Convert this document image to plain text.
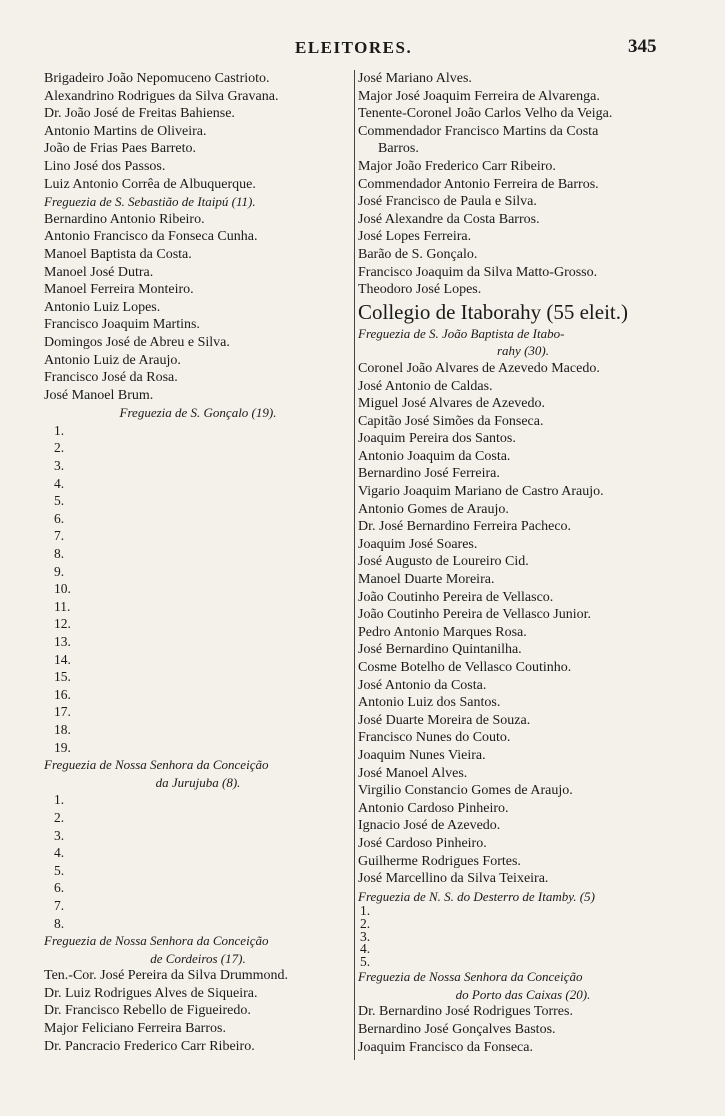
ELEITORES.	345
Brigadeiro João Nepomuceno Castrioto.
Alexandrino Rodrigues da Silva Gravana.
Dr. João José de Freitas Bahiense.
Antonio Martins de Oliveira.
João de Frias Paes Barreto.
Lino José dos Passos.
Luiz Antonio Corrêa de Albuquerque.
Freguezia de S. Sebastião de Itaipú (11).
Bernardino Antonio Ribeiro.
Antonio Francisco da Fonseca Cunha.
Manoel Baptista da Costa.
Manoel José Dutra.
Manoel Ferreira Monteiro.
Antonio Luiz Lopes.
Francisco Joaquim Martins.
Domingos José de Abreu e Silva.
Antonio Luiz de Araujo.
Francisco José da Rosa.
José Manoel Brum.
Freguezia de S. Gonçalo (19).
1.
2.
3.
4.
5.
6.
7.
8.
9.
10.
11.
12.
13.
14.
15.
16.
17.
18.
19.
Freguezia de Nossa Senhora da Conceição
da Jurujuba (8).
1.
2.
3.
4.
5.
6.
7.
8.
Freguezia de Nossa Senhora da Conceição
de Cordeiros (17).
Ten.-Cor. José Pereira da Silva Drummond.
Dr. Luiz Rodrigues Alves de Siqueira.
Dr. Francisco Rebello de Figueiredo.
Major Feliciano Ferreira Barros.
Dr. Pancracio Frederico Carr Ribeiro.
José Mariano Alves.
Major José Joaquim Ferreira de Alvarenga.
Tenente-Coronel João Carlos Velho da Veiga.
Commendador Francisco Martins da Costa
Barros.
Major João Frederico Carr Ribeiro.
Commendador Antonio Ferreira de Barros.
José Francisco de Paula e Silva.
José Alexandre da Costa Barros.
José Lopes Ferreira.
Barão de S. Gonçalo.
Francisco Joaquim da Silva Matto-Grosso.
Theodoro José Lopes.
Collegio de Itaborahy (55 eleit.)
Freguezia de S. João Baptista de Itabo-
rahy (30).
Coronel João Alvares de Azevedo Macedo.
José Antonio de Caldas.
Miguel José Alvares de Azevedo.
Capitão José Simões da Fonseca.
Joaquim Pereira dos Santos.
Antonio Joaquim da Costa.
Bernardino José Ferreira.
Vigario Joaquim Mariano de Castro Araujo.
Antonio Gomes de Araujo.
Dr. José Bernardino Ferreira Pacheco.
Joaquim José Soares.
José Augusto de Loureiro Cid.
Manoel Duarte Moreira.
João Coutinho Pereira de Vellasco.
João Coutinho Pereira de Vellasco Junior.
Pedro Antonio Marques Rosa.
José Bernardino Quintanilha.
Cosme Botelho de Vellasco Coutinho.
José Antonio da Costa.
Antonio Luiz dos Santos.
José Duarte Moreira de Souza.
Francisco Nunes do Couto.
Joaquim Nunes Vieira.
José Manoel Alves.
Virgilio Constancio Gomes de Araujo.
Antonio Cardoso Pinheiro.
Ignacio José de Azevedo.
José Cardoso Pinheiro.
Guilherme Rodrigues Fortes.
José Marcellino da Silva Teixeira.
Freguezia de N. S. do Desterro de Itamby. (5)
1.
2.
3.
4.
5.
Freguezia de Nossa Senhora da Conceição
do Porto das Caixas (20).
Dr. Bernardino José Rodrigues Torres.
Bernardino José Gonçalves Bastos.
Joaquim Francisco da Fonseca.
